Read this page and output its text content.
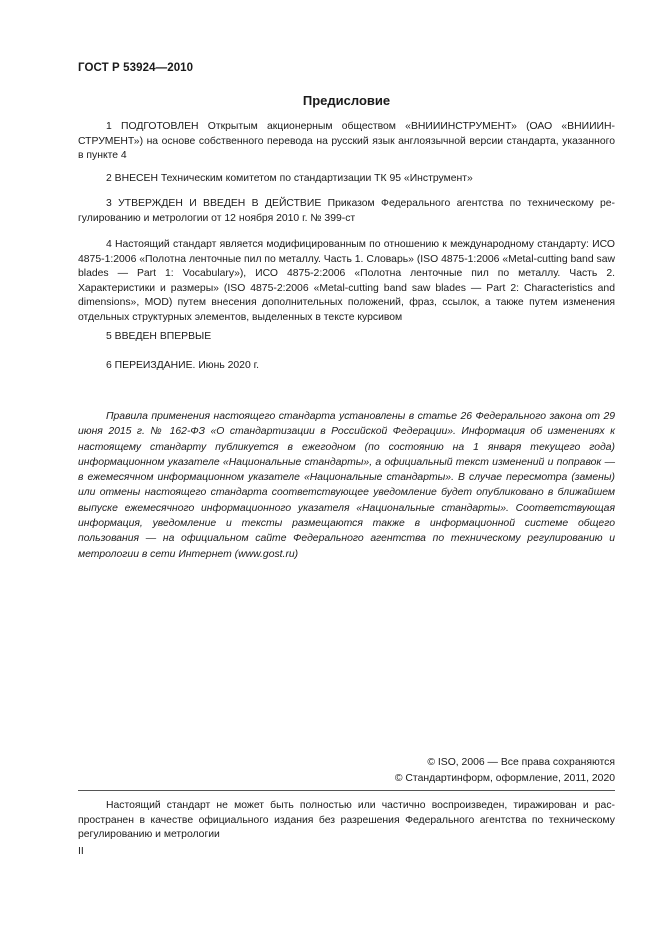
ГОСТ Р 53924—2010
Предисловие
1 ПОДГОТОВЛЕН Открытым акционерным обществом «ВНИИИНСТРУМЕНТ» (ОАО «ВНИИИНСТРУМЕНТ») на основе собственного перевода на русский язык англоязычной версии стандарта, указанного в пункте 4
2 ВНЕСЕН Техническим комитетом по стандартизации ТК 95 «Инструмент»
3 УТВЕРЖДЕН И ВВЕДЕН В ДЕЙСТВИЕ Приказом Федерального агентства по техническому регулированию и метрологии от 12 ноября 2010 г. № 399-ст
4 Настоящий стандарт является модифицированным по отношению к международному стандарту: ИСО 4875-1:2006 «Полотна ленточные пил по металлу. Часть 1. Словарь» (ISO 4875-1:2006 «Metal-cutting band saw blades — Part 1: Vocabulary»), ИСО 4875-2:2006 «Полотна ленточные пил по металлу. Часть 2. Характеристики и размеры» (ISO 4875-2:2006 «Metal-cutting band saw blades — Part 2: Characteristics and dimensions», MOD) путем внесения дополнительных положений, фраз, ссылок, а также путем изменения отдельных структурных элементов, выделенных в тексте курсивом
5 ВВЕДЕН ВПЕРВЫЕ
6 ПЕРЕИЗДАНИЕ. Июнь 2020 г.
Правила применения настоящего стандарта установлены в статье 26 Федерального закона от 29 июня 2015 г. № 162-ФЗ «О стандартизации в Российской Федерации». Информация об изменениях к настоящему стандарту публикуется в ежегодном (по состоянию на 1 января текущего года) информационном указателе «Национальные стандарты», а официальный текст изменений и поправок — в ежемесячном информационном указателе «Национальные стандарты». В случае пересмотра (замены) или отмены настоящего стандарта соответствующее уведомление будет опубликовано в ближайшем выпуске ежемесячного информационного указателя «Национальные стандарты». Соответствующая информация, уведомление и тексты размещаются также в информационной системе общего пользования — на официальном сайте Федерального агентства по техническому регулированию и метрологии в сети Интернет (www.gost.ru)
© ISO, 2006 — Все права сохраняются
© Стандартинформ, оформление, 2011, 2020
Настоящий стандарт не может быть полностью или частично воспроизведен, тиражирован и распространен в качестве официального издания без разрешения Федерального агентства по техническому регулированию и метрологии
II
